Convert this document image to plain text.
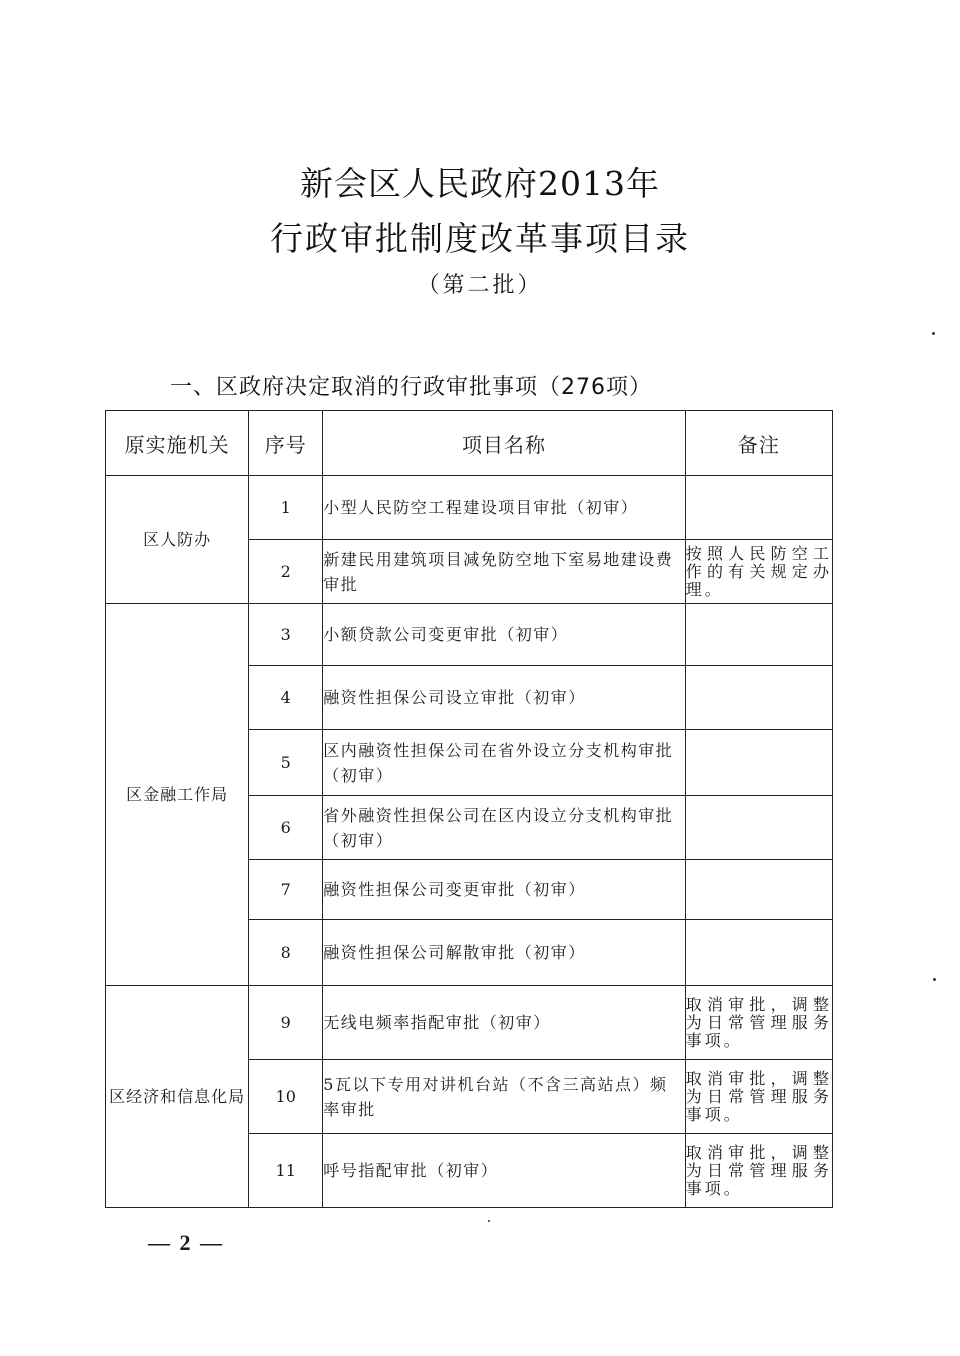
新会区人民政府2013年
行政审批制度改革事项目录
（第二批）
一、区政府决定取消的行政审批事项（276项）
原实施机关	序号	项目名称	备注
区人防办	1	小型人民防空工程建设项目审批（初审）	
	2	新建民用建筑项目减免防空地下室易地建设费审批	按照人民防空工作的有关规定办理。
区金融工作局	3	小额贷款公司变更审批（初审）	
	4	融资性担保公司设立审批（初审）	
	5	区内融资性担保公司在省外设立分支机构审批（初审）	
	6	省外融资性担保公司在区内设立分支机构审批（初审）	
	7	融资性担保公司变更审批（初审）	
	8	融资性担保公司解散审批（初审）	
区经济和信息化局	9	无线电频率指配审批（初审）	取消审批，调整为日常管理服务事项。
	10	5瓦以下专用对讲机台站（不含三高站点）频率审批	取消审批，调整为日常管理服务事项。
	11	呼号指配审批（初审）	取消审批，调整为日常管理服务事项。
— 2 —
